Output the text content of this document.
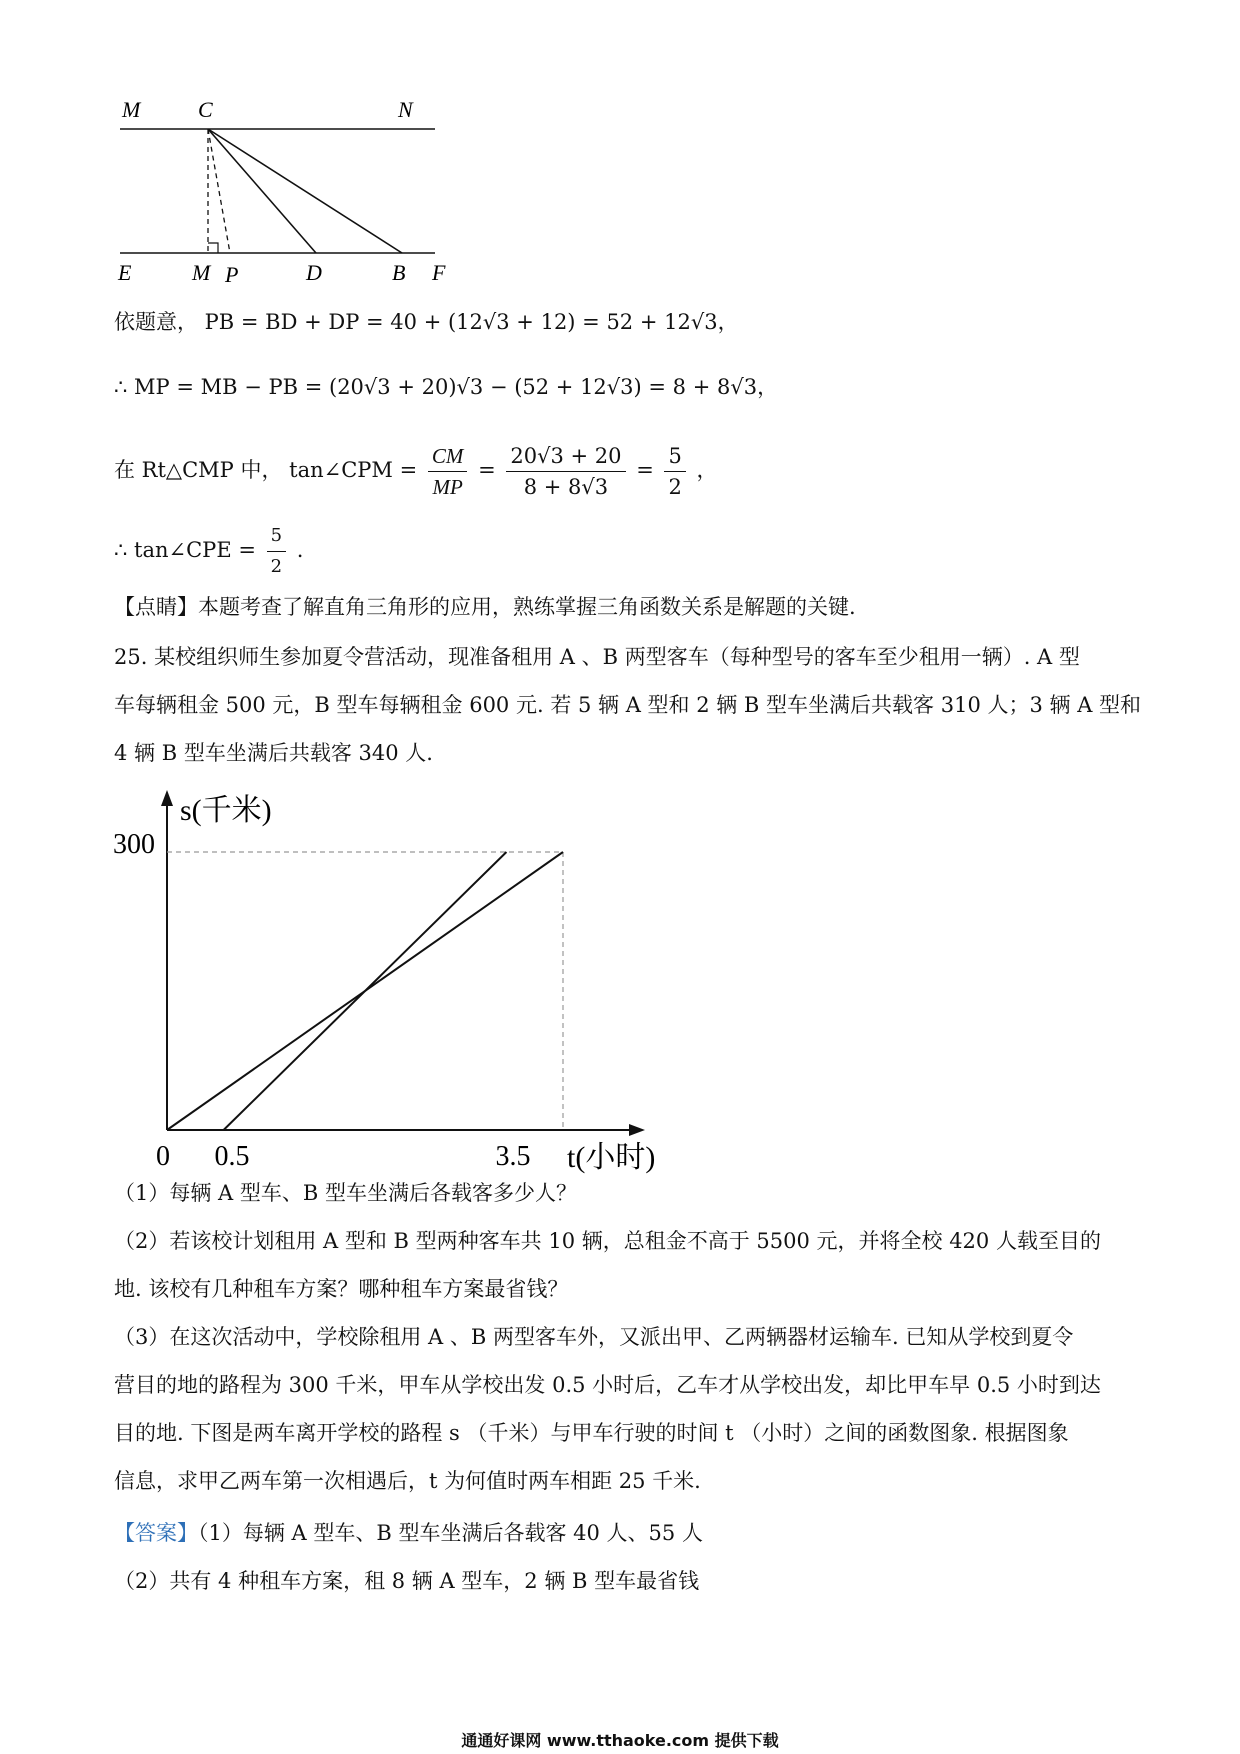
M	C	N
E	M P	D	B F
依题意， PB = BD + DP = 40 + (12√3 + 12) = 52 + 12√3，
∴ MP = MB − PB = (20√3 + 20)√3 − (52 + 12√3) = 8 + 8√3，
在 Rt△CMP 中， tan∠CPM = $\frac{CM}{MP} = \frac{20√3 + 20}{8 + 8√3} = \frac{5}{2}$ ，
∴ tan∠CPE = $\frac{5}{2}$ .
【点睛】本题考查了解直角三角形的应用，熟练掌握三角函数关系是解题的关键.
25. 某校组织师生参加夏令营活动，现准备租用 A 、B 两型客车（每种型号的客车至少租用一辆）. A 型
车每辆租金 500 元，B 型车每辆租金 600 元. 若 5 辆 A 型和 2 辆 B 型车坐满后共载客 310 人；3 辆 A 型和
4 辆 B 型车坐满后共载客 340 人.
s(千米)
t(小时)
300
0 0.5	3.5
（1）每辆 A 型车、B 型车坐满后各载客多少人？
（2）若该校计划租用 A 型和 B 型两种客车共 10 辆，总租金不高于 5500 元，并将全校 420 人载至目的
地. 该校有几种租车方案？哪种租车方案最省钱？
（3）在这次活动中，学校除租用 A 、B 两型客车外，又派出甲、乙两辆器材运输车. 已知从学校到夏令
营目的地的路程为 300 千米，甲车从学校出发 0.5 小时后，乙车才从学校出发，却比甲车早 0.5 小时到达
目的地. 下图是两车离开学校的路程 s （千米）与甲车行驶的时间 t （小时）之间的函数图象. 根据图象
信息，求甲乙两车第一次相遇后，t 为何值时两车相距 25 千米.
【答案】（1）每辆 A 型车、B 型车坐满后各载客 40 人、55 人
（2）共有 4 种租车方案，租 8 辆 A 型车，2 辆 B 型车最省钱
通通好课网 www.tthaoke.com 提供下载
